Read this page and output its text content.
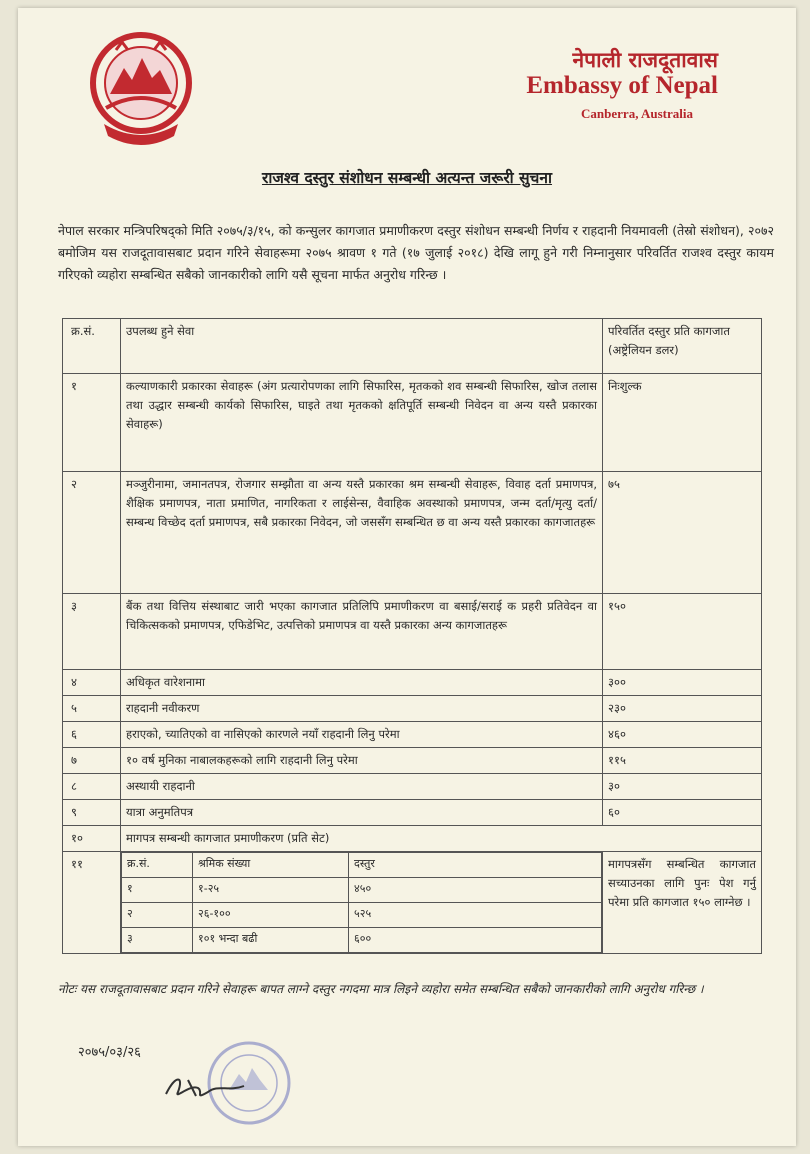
नेपाली राजदूतावास
Embassy of Nepal
Canberra, Australia
राजश्व दस्तुर संशोधन सम्बन्धी अत्यन्त जरूरी सुचना
नेपाल सरकार मन्त्रिपरिषद्को मिति २०७५/३/१५, को कन्सुलर कागजात प्रमाणीकरण दस्तुर संशोधन सम्बन्धी निर्णय र राहदानी नियमावली (तेस्रो संशोधन), २०७२ बमोजिम यस राजदूतावासबाट प्रदान गरिने सेवाहरूमा २०७५ श्रावण १ गते (१७ जुलाई २०१८) देखि लागू हुने गरी निम्नानुसार परिवर्तित राजश्व दस्तुर कायम गरिएको व्यहोरा सम्बन्धित सबैको जानकारीको लागि यसै सूचना मार्फत अनुरोध गरिन्छ ।
क्र.सं.	उपलब्ध हुने सेवा	परिवर्तित दस्तुर प्रति कागजात (अष्ट्रेलियन डलर)
१	कल्याणकारी प्रकारका सेवाहरू (अंग प्रत्यारोपणका लागि सिफारिस, मृतकको शव सम्बन्धी सिफारिस, खोज तलास तथा उद्धार सम्बन्धी कार्यको सिफारिस, घाइते तथा मृतकको क्षतिपूर्ति सम्बन्धी निवेदन वा अन्य यस्तै प्रकारका सेवाहरू)	निःशुल्क
२	मञ्जुरीनामा, जमानतपत्र, रोजगार सम्झौता वा अन्य यस्तै प्रकारका श्रम सम्बन्धी सेवाहरू, विवाह दर्ता प्रमाणपत्र, शैक्षिक प्रमाणपत्र, नाता प्रमाणित, नागरिकता र लाईसेन्स, वैवाहिक अवस्थाको प्रमाणपत्र, जन्म दर्ता/मृत्यु दर्ता/सम्बन्ध विच्छेद दर्ता प्रमाणपत्र, सबै प्रकारका निवेदन, जो जससँग सम्बन्धित छ वा अन्य यस्तै प्रकारका कागजातहरू	७५
३	बैंक तथा वित्तिय संस्थाबाट जारी भएका कागजात प्रतिलिपि प्रमाणीकरण वा बसाई/सराई क प्रहरी प्रतिवेदन वा चिकित्सकको प्रमाणपत्र, एफिडेभिट, उत्पत्तिको प्रमाणपत्र वा यस्तै प्रकारका अन्य कागजातहरू	१५०
४	अधिकृत वारेशनामा	३००
५	राहदानी नवीकरण	२३०
६	हराएको, च्यातिएको वा नासिएको कारणले नयाँ राहदानी लिनु परेमा	४६०
७	१० वर्ष मुनिका नाबालकहरूको लागि राहदानी लिनु परेमा	११५
८	अस्थायी राहदानी	३०
९	यात्रा अनुमतिपत्र	६०
१०	मागपत्र सम्बन्धी कागजात प्रमाणीकरण (प्रति सेट)
११		क्र.सं.	श्रमिक संख्या	दस्तुर
१	१-२५	४५०
२	२६-१००	५२५
३	१०१ भन्दा बढी	६००
	मागपत्रसँग सम्बन्धित कागजात सच्याउनका लागि पुनः पेश गर्नु परेमा प्रति कागजात १५० लाग्नेछ ।
नोटः यस राजदूतावासबाट प्रदान गरिने सेवाहरू बापत लाग्ने दस्तुर नगदमा मात्र लिइने व्यहोरा समेत सम्बन्धित सबैको जानकारीको लागि अनुरोध गरिन्छ ।
२०७५/०३/२६
